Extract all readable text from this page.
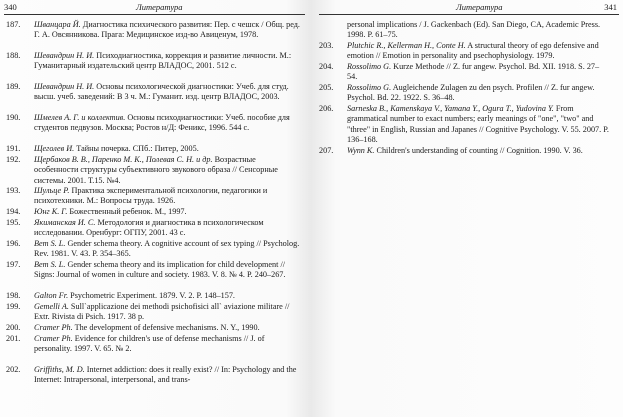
340	Литература
187. Шванцара Й. Диагностика психического развития: Пер. с чешск / Общ. ред. Г. А. Овсянникова. Прага: Медицинское изд-во Авиценум, 1978.
188. Шевандрин Н. И. Психодиагностика, коррекция и развитие личности. М.: Гуманитарный издательский центр ВЛАДОС, 2001. 512 с.
189. Шевандрин Н. И. Основы психологической диагностики: Учеб. для студ. высш. учеб. заведений: В 3 ч. М.: Гуманит. изд. центр ВЛАДОС, 2003.
190. Шмелев А. Г. и коллектив. Основы психодиагностики: Учеб. пособие для студентов педвузов. Москва; Ростов н/Д: Феникс, 1996. 544 с.
191. Щеголев И. Тайны почерка. СПб.: Питер, 2005.
192. Щербаков В. В., Паренко М. К., Полевая С. Н. и др. Возрастные особенности структуры субъективного звукового образа // Сенсорные системы. 2001. Т.15. №4.
193. Шульце Р. Практика экспериментальной психологии, педагогики и психотехники. М.: Вопросы труда. 1926.
194. Юнг К. Г. Божественный ребенок. М., 1997.
195. Якиманская И. С. Методология и диагностика в психологическом исследовании. Оренбург: ОГПУ, 2001. 43 с.
196. Bem S. L. Gender schema theory. A cognitive account of sex typing // Psycholog. Rev. 1981. V. 43. P. 354–365.
197. Bem S. L. Gender schema theory and its implication for child development // Signs: Journal of women in culture and society. 1983. V. 8. № 4. P. 240–267.
198. Galton Fr. Psychometric Experiment. 1879. V. 2. P. 148–157.
199. Gemelli A. Sull`applicazione dei methodi psichofisici all` aviazione militare // Extr. Rivista di Psich. 1917. 38 p.
200. Cramer Ph. The development of defensive mechanisms. N. Y., 1990.
201. Cramer Ph. Evidence for children's use of defense mechanisms // J. of personality. 1997. V. 65. № 2.
202. Griffiths, M. D. Internet addiction: does it really exist? // In: Psychology and the Internet: Intrapersonal, interpersonal, and trans-
Литература	341
personal implications / J. Gackenbach (Ed). San Diego, CA, Academic Press. 1998. P. 61–75.
203. Plutchic R., Kellerman H., Conte H. A structural theory of ego defensive and emotion // Emotion in personality and psechophysiology. 1979.
204. Rossolimo G. Kurze Methode // Z. fur angew. Psychol. Bd. XII. 1918. S. 27–54.
205. Rossolimo G. Augleichende Zulagen zu den psych. Profilen // Z. fur angew. Psychol. Bd. 22. 1922. S. 36–48.
206. Sarneska B., Kamenskaya V., Yamana Y., Ogura T., Yudovina Y. From grammatical number to exact numbers; early meanings of "one", "two" and "three" in English, Russian and Japanes // Cognitive Psychology. V. 55. 2007. P. 136–168.
207. Wynn K. Children's understanding of counting // Cognition. 1990. V. 36.
